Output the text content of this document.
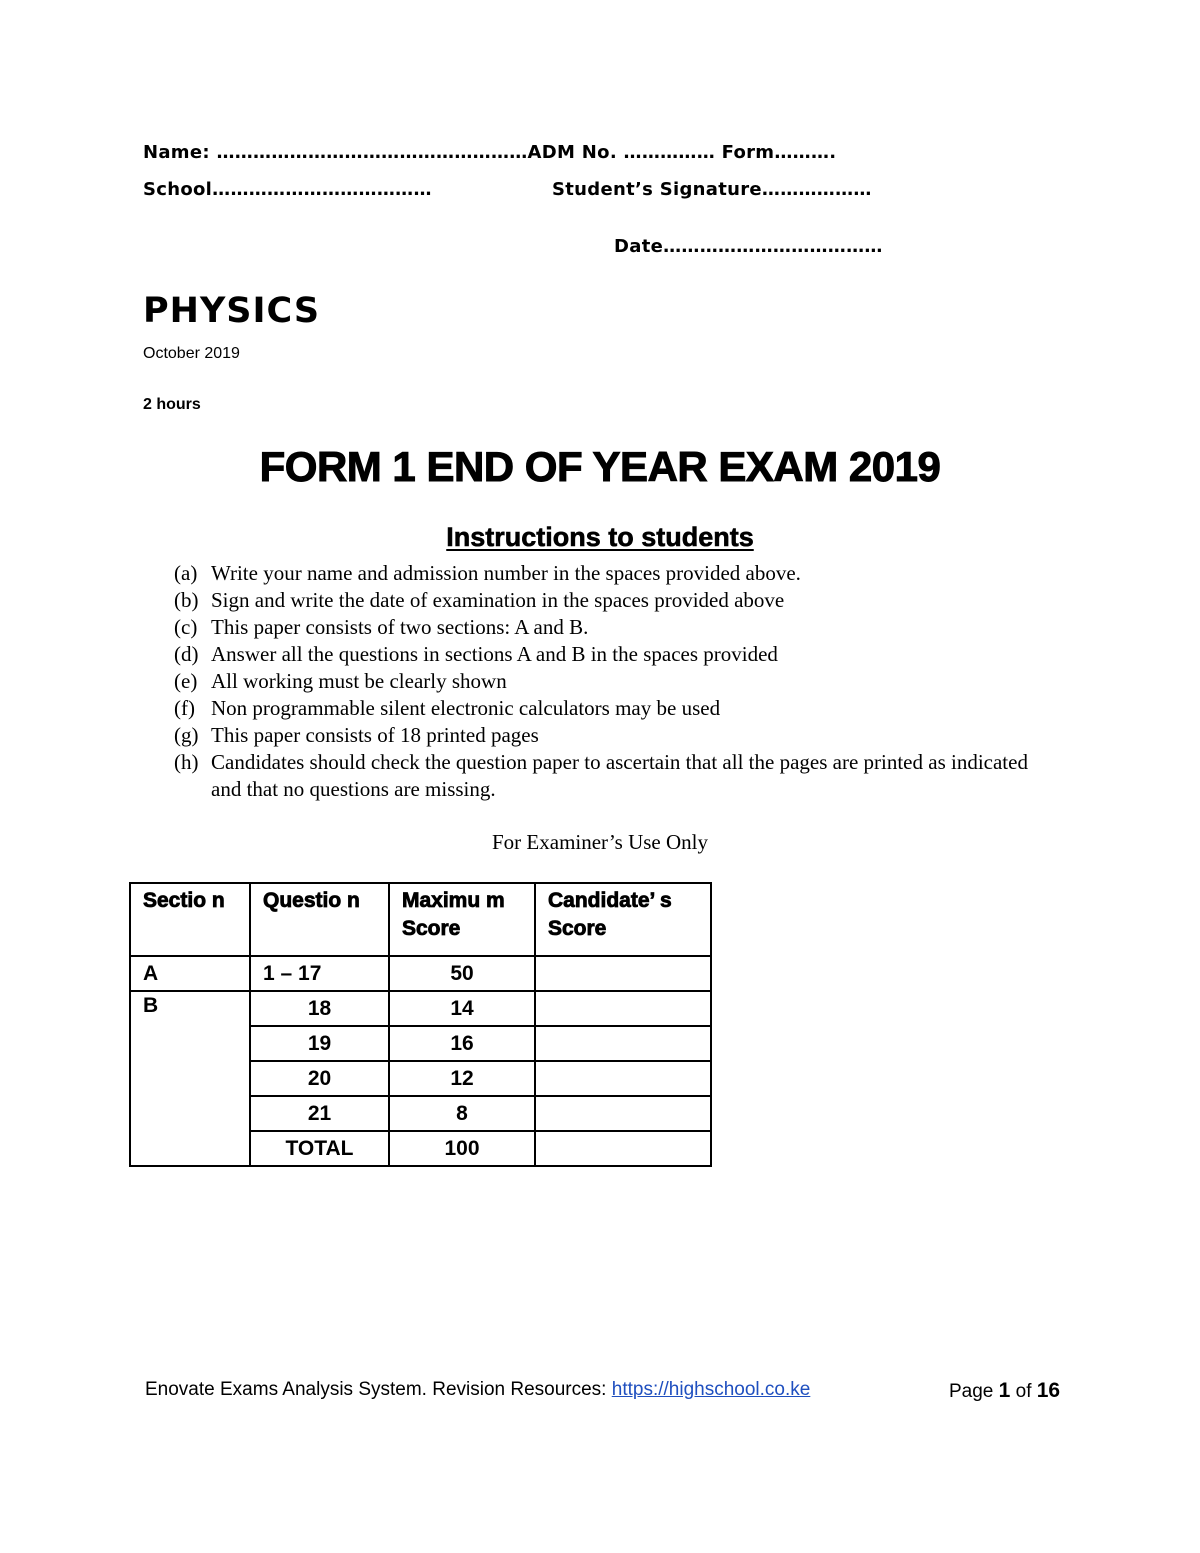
Name: ……………………………………………ADM No. …………… Form……….
School………………………………	Student’s Signature………………
Date………………………………
PHYSICS
October 2019
2 hours
FORM 1 END OF YEAR EXAM 2019
Instructions to students
(a) Write your name and admission number in the spaces provided above.
(b) Sign and write the date of examination in the spaces provided above
(c) This paper consists of two sections: A and B.
(d) Answer all the questions in sections A and B in the spaces provided
(e) All working must be clearly shown
(f) Non programmable silent electronic calculators may be used
(g) This paper consists of 18 printed pages
(h) Candidates should check the question paper to ascertain that all the pages are printed as indicated and that no questions are missing.
For Examiner’s Use Only
Sectio n	Questio n	Maximu m Score	Candidate’ s Score
A	1 – 17	50	
B	18	14	
	19	16	
	20	12	
	21	8	
	TOTAL	100	
Enovate Exams Analysis System. Revision Resources: https://highschool.co.ke	Page 1 of 16
